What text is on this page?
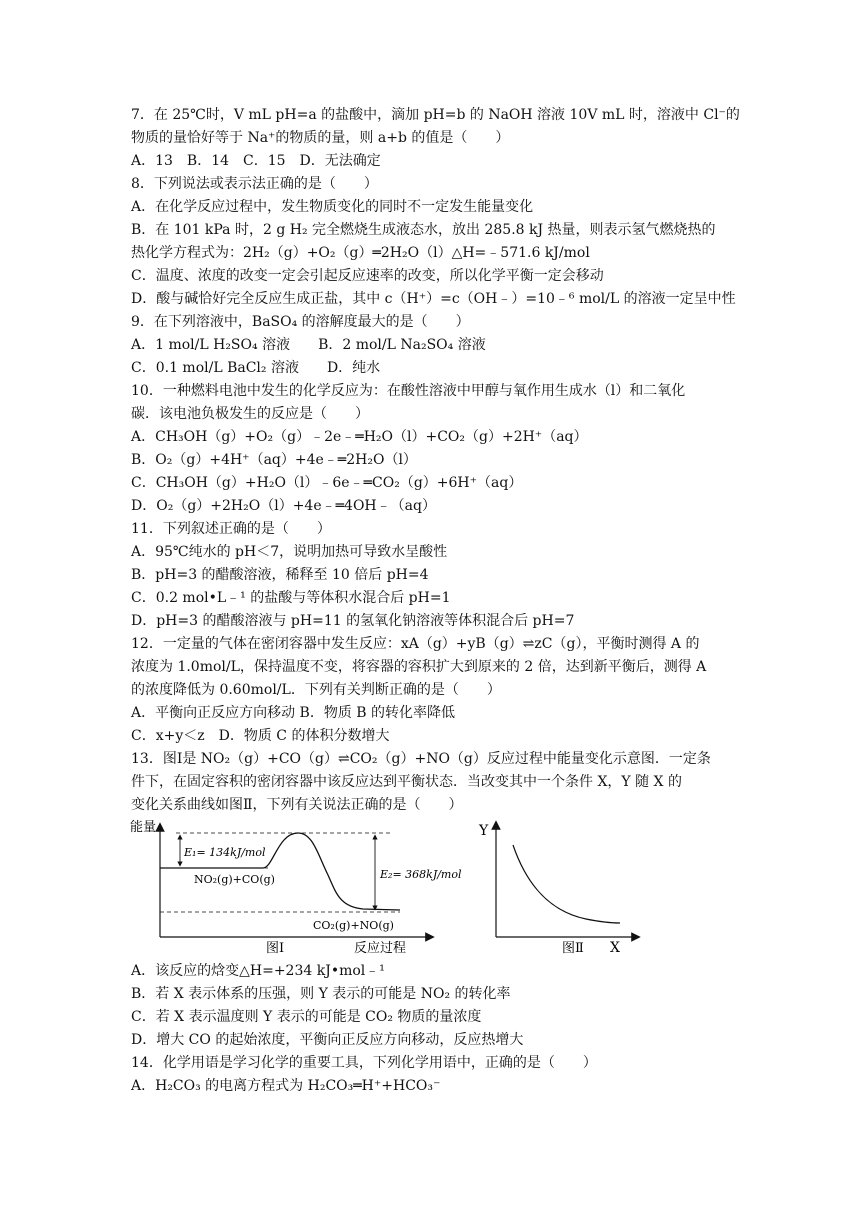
7．在 25℃时，V mL pH=a 的盐酸中，滴加 pH=b 的 NaOH 溶液 10V mL 时，溶液中 Cl⁻的
物质的量恰好等于 Na⁺的物质的量，则 a+b 的值是（　　）
A．13　B．14　C．15　D．无法确定
8．下列说法或表示法正确的是（　　）
A．在化学反应过程中，发生物质变化的同时不一定发生能量变化
B．在 101 kPa 时，2 g H₂ 完全燃烧生成液态水，放出 285.8 kJ 热量，则表示氢气燃烧热的
热化学方程式为：2H₂（g）+O₂（g）═2H₂O（l）△H=﹣571.6 kJ/mol
C．温度、浓度的改变一定会引起反应速率的改变，所以化学平衡一定会移动
D．酸与碱恰好完全反应生成正盐，其中 c（H⁺）=c（OH﹣）=10﹣⁶ mol/L 的溶液一定呈中性
9．在下列溶液中，BaSO₄ 的溶解度最大的是（　　）
A．1 mol/L H₂SO₄ 溶液　　B．2 mol/L Na₂SO₄ 溶液
C．0.1 mol/L BaCl₂ 溶液　　D．纯水
10．一种燃料电池中发生的化学反应为：在酸性溶液中甲醇与氧作用生成水（l）和二氧化
碳．该电池负极发生的反应是（　　）
A．CH₃OH（g）+O₂（g）﹣2e﹣═H₂O（l）+CO₂（g）+2H⁺（aq）
B．O₂（g）+4H⁺（aq）+4e﹣═2H₂O（l）
C．CH₃OH（g）+H₂O（l）﹣6e﹣═CO₂（g）+6H⁺（aq）
D．O₂（g）+2H₂O（l）+4e﹣═4OH﹣（aq）
11．下列叙述正确的是（　　）
A．95℃纯水的 pH＜7，说明加热可导致水呈酸性
B．pH=3 的醋酸溶液，稀释至 10 倍后 pH=4
C．0.2 mol•L﹣¹ 的盐酸与等体积水混合后 pH=1
D．pH=3 的醋酸溶液与 pH=11 的氢氧化钠溶液等体积混合后 pH=7
12．一定量的气体在密闭容器中发生反应：xA（g）+yB（g）⇌zC（g），平衡时测得 A 的
浓度为 1.0mol/L，保持温度不变，将容器的容积扩大到原来的 2 倍，达到新平衡后，测得 A
的浓度降低为 0.60mol/L．下列有关判断正确的是（　　）
A．平衡向正反应方向移动 B．物质 B 的转化率降低
C．x+y＜z　D．物质 C 的体积分数增大
13．图Ⅰ是 NO₂（g）+CO（g）⇌CO₂（g）+NO（g）反应过程中能量变化示意图．一定条
件下，在固定容积的密闭容器中该反应达到平衡状态．当改变其中一个条件 X，Y 随 X 的
变化关系曲线如图Ⅱ，下列有关说法正确的是（　　）
能量
E₁= 134kJ/mol
NO₂(g)+CO(g)	E₂= 368kJ/mol
CO₂(g)+NO(g)
图Ⅰ	反应过程
Y
图Ⅱ X
A．该反应的焓变△H=+234 kJ•mol﹣¹
B．若 X 表示体系的压强，则 Y 表示的可能是 NO₂ 的转化率
C．若 X 表示温度则 Y 表示的可能是 CO₂ 物质的量浓度
D．增大 CO 的起始浓度，平衡向正反应方向移动，反应热增大
14．化学用语是学习化学的重要工具，下列化学用语中，正确的是（　　）
A．H₂CO₃ 的电离方程式为 H₂CO₃═H⁺+HCO₃⁻
